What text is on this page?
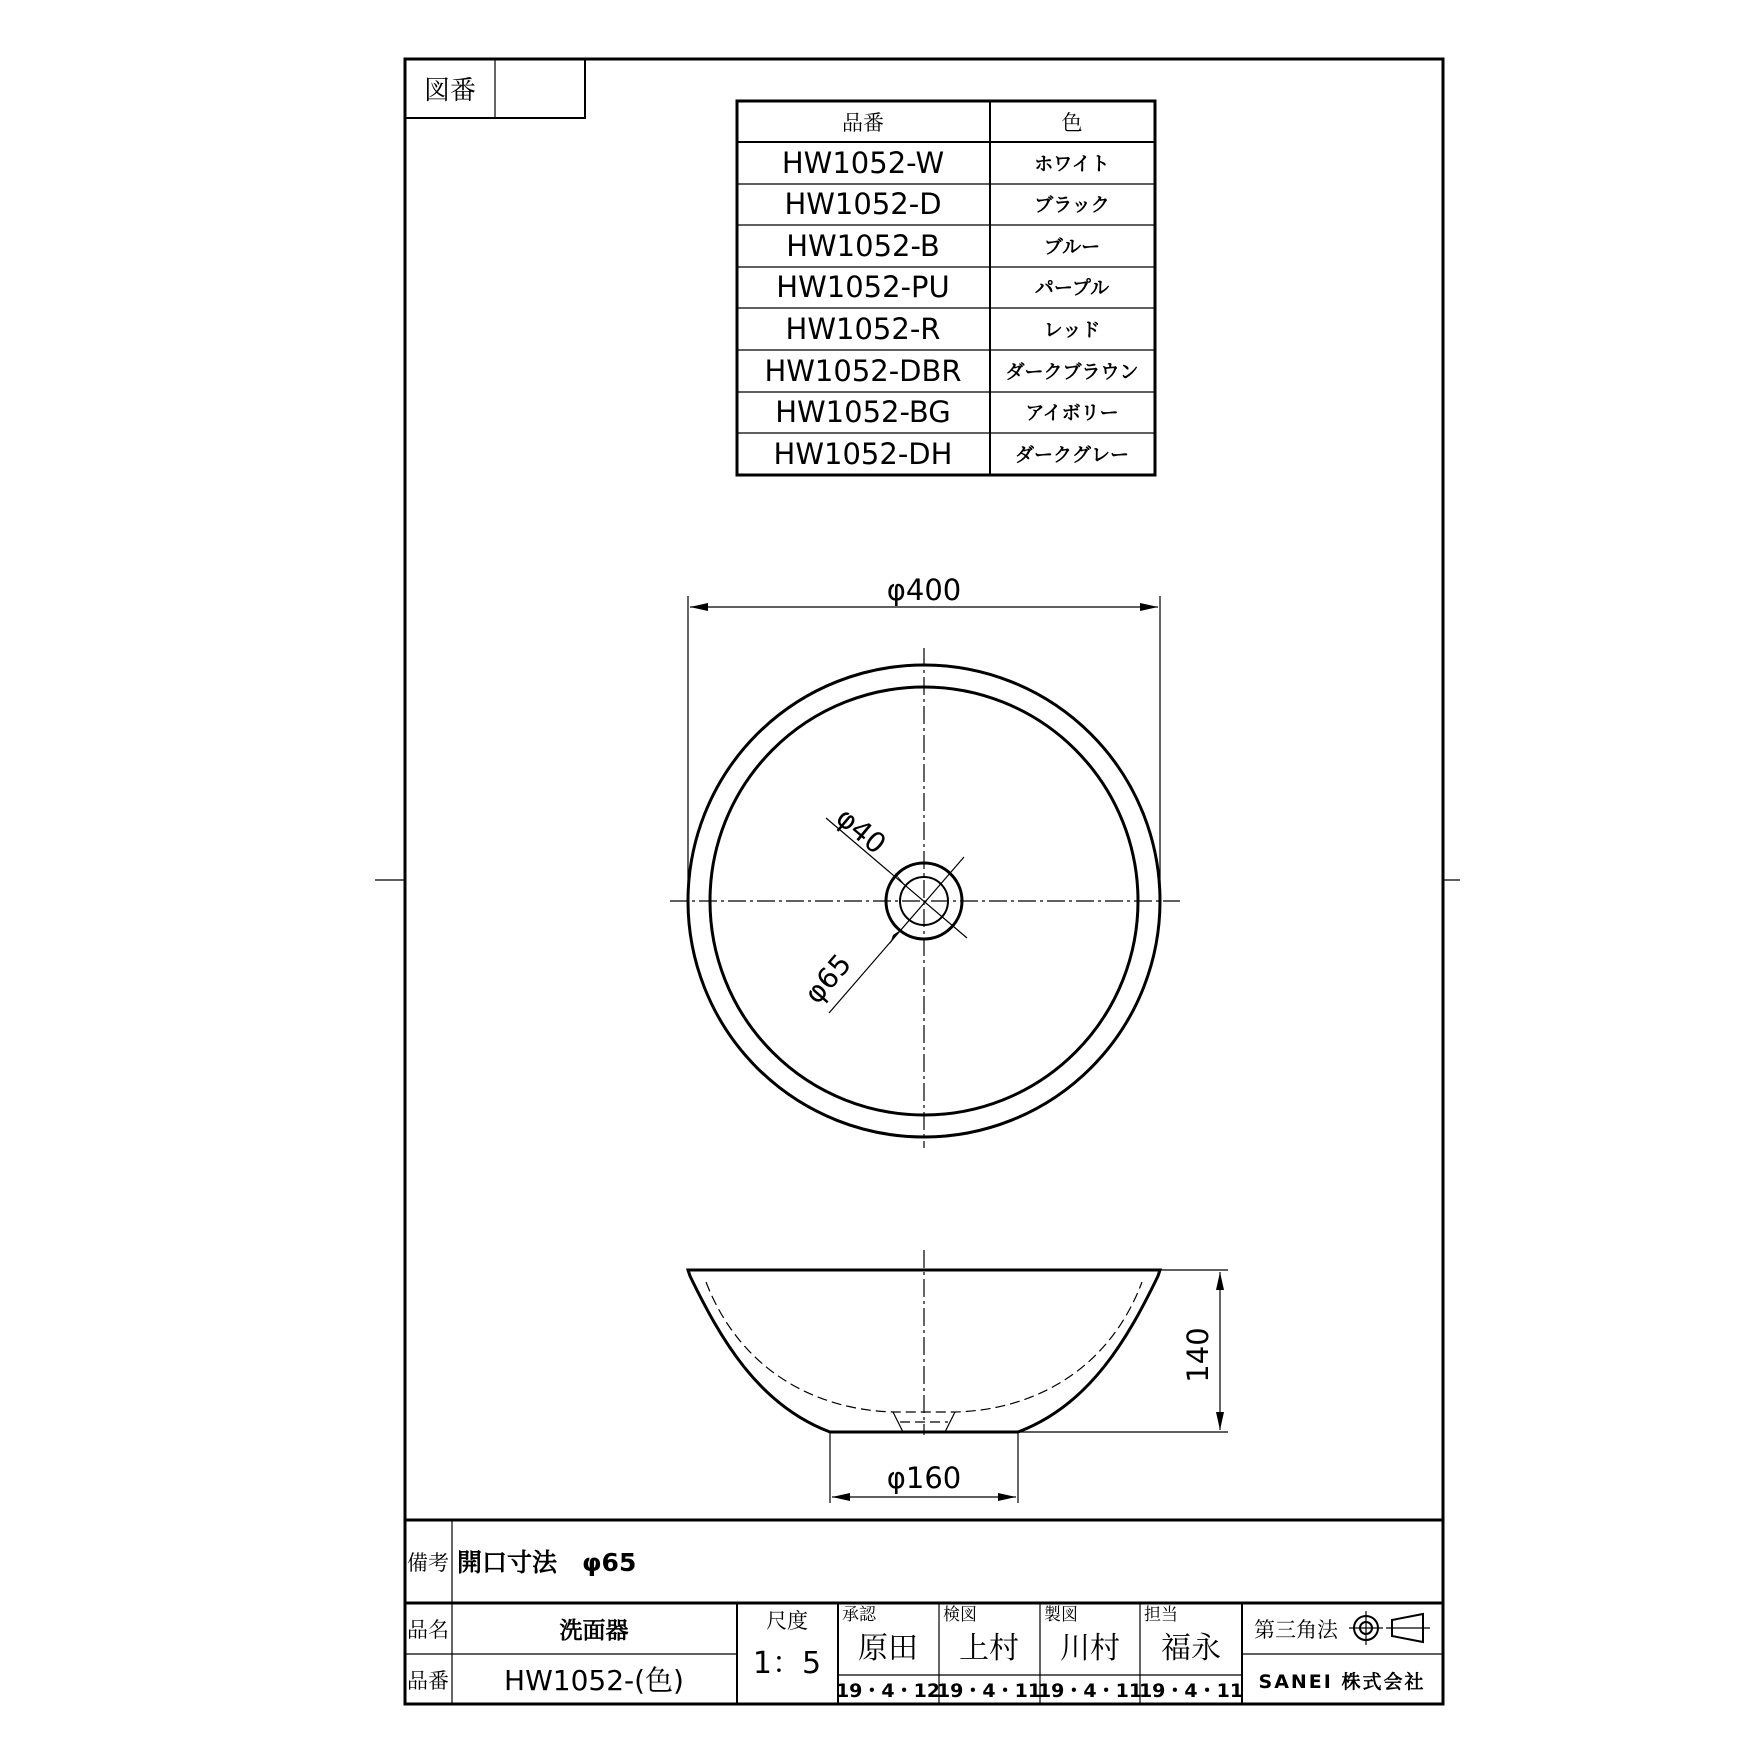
図番
品番	色
HW1052-W	ホワイト
HW1052-D	ブラック
HW1052-B	ブルー
HW1052-PU	パープル
HW1052-R	レッド
HW1052-DBR ダークブラウン
HW1052-BG	アイボリー
HW1052-DH	ダークグレー
φ400
φ40
φ65
140
φ160
備考 開口寸法　φ65
品名	洗面器
品番 HW1052-(色)
尺度
1：5
承認
原田
19・4・12
検図
上村
19・4・11
製図
川村
19・4・11
担当
福永
19・4・11
第三角法
SANEI 株式会社
